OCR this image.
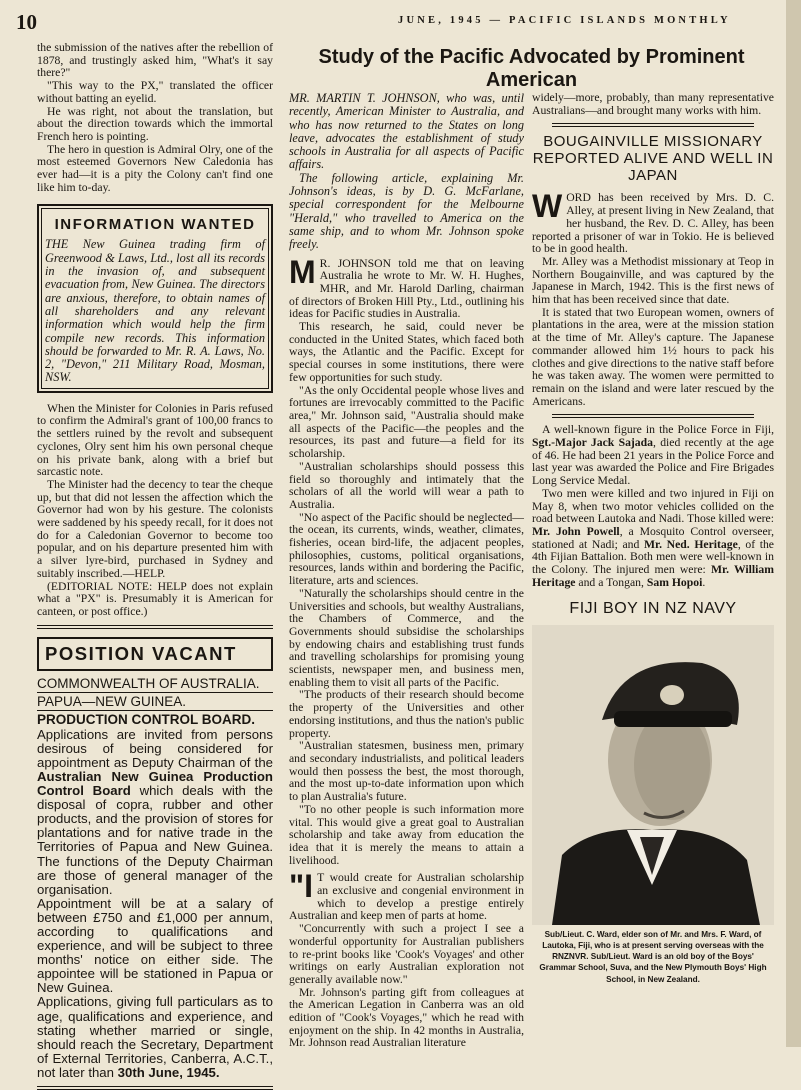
10	JUNE, 1945 — PACIFIC ISLANDS MONTHLY

the submission of the natives after the rebellion of 1878, and trustingly asked him, "What's it say there?"

"This way to the PX," translated the officer without batting an eyelid.

He was right, not about the translation, but about the direction towards which the immortal French hero is pointing.

The hero in question is Admiral Olry, one of the most esteemed Governors New Caledonia has ever had—it is a pity the Colony can't find one like him to-day.

INFORMATION WANTED

THE New Guinea trading firm of Greenwood & Laws, Ltd., lost all its records in the invasion of, and subsequent evacuation from, New Guinea. The directors are anxious, therefore, to obtain names of all shareholders and any relevant information which would help the firm compile new records. This information should be forwarded to Mr. R. A. Laws, No. 2, "Devon," 211 Military Road, Mosman, NSW.

When the Minister for Colonies in Paris refused to confirm the Admiral's grant of 100,00 francs to the settlers ruined by the revolt and subsequent cyclones, Olry sent him his own personal cheque on his private bank, along with a brief but sarcastic note.

The Minister had the decency to tear the cheque up, but that did not lessen the affection which the Governor had won by his gesture. The colonists were saddened by his speedy recall, for it does not do for a Caledonian Governor to become too popular, and on his departure presented him with a silver lyre-bird, purchased in Sydney and suitably inscribed.—HELP.

(EDITORIAL NOTE: HELP does not explain what a "PX" is. Presumably it is American for canteen, or post office.)

POSITION VACANT
COMMONWEALTH OF AUSTRALIA.
PAPUA—NEW GUINEA.
PRODUCTION CONTROL BOARD.

Applications are invited from persons desirous of being considered for appointment as Deputy Chairman of the Australian New Guinea Production Control Board which deals with the disposal of copra, rubber and other products, and the provision of stores for plantations and for native trade in the Territories of Papua and New Guinea. The functions of the Deputy Chairman are those of general manager of the organisation.

Appointment will be at a salary of between £750 and £1,000 per annum, according to qualifications and experience, and will be subject to three months' notice on either side. The appointee will be stationed in Papua or New Guinea.

Applications, giving full particulars as to age, qualifications and experience, and stating whether married or single, should reach the Secretary, Department of External Territories, Canberra, A.C.T., not later than 30th June, 1945.

Study of the Pacific Advocated by Prominent American

MR. MARTIN T. JOHNSON, who was, until recently, American Minister to Australia, and who has now returned to the States on long leave, advocates the establishment of study schools in Australia for all aspects of Pacific affairs.

The following article, explaining Mr. Johnson's ideas, is by D. G. McFarlane, special correspondent for the Melbourne "Herald," who travelled to America on the same ship, and to whom Mr. Johnson spoke freely.

M R. JOHNSON told me that on leaving Australia he wrote to Mr. W. H. Hughes, MHR, and Mr. Harold Darling, chairman of directors of Broken Hill Pty., Ltd., outlining his ideas for Pacific studies in Australia.

This research, he said, could never be conducted in the United States, which faced both ways, the Atlantic and the Pacific. Except for special courses in some institutions, there were few opportunities for such study.

"As the only Occidental people whose lives and fortunes are irrevocably committed to the Pacific area," Mr. Johnson said, "Australia should make all aspects of the Pacific—the peoples and the resources, its past and future—a field for its scholarship.

"Australian scholarships should possess this field so thoroughly and intimately that the scholars of all the world will wear a path to Australia.

"No aspect of the Pacific should be neglected—the ocean, its currents, winds, weather, climates, fisheries, ocean bird-life, the adjacent peoples, philosophies, customs, political organisations, resources, lands within and bordering the Pacific, literature, arts and sciences.

"Naturally the scholarships should centre in the Universities and schools, but wealthy Australians, the Chambers of Commerce, and the Governments should subsidise the scholarships by endowing chairs and establishing trust funds and travelling scholarships for promising young scientists, newspaper men, and business men, enabling them to visit all parts of the Pacific.

"The products of their research should become the property of the Universities and other endorsing institutions, and thus the nation's public property.

"Australian statesmen, business men, primary and secondary industrialists, and political leaders would then possess the best, the most thorough, and the most up-to-date information upon which to plan Australia's future.

"To no other people is such information more vital. This would give a great goal to Australian scholarship and take away from education the idea that it is merely the means to attain a livelihood.

"I T would create for Australian scholarship an exclusive and congenial environment in which to develop a prestige entirely Australian and keep men of parts at home.

"Concurrently with such a project I see a wonderful opportunity for Australian publishers to re-print books like 'Cook's Voyages' and other writings on early Australian exploration not generally available now."

Mr. Johnson's parting gift from colleagues at the American Legation in Canberra was an old edition of "Cook's Voyages," which he read with enjoyment on the ship. In 42 months in Australia, Mr. Johnson read Australian literature

widely—more, probably, than many representative Australians—and brought many works with him.

BOUGAINVILLE MISSIONARY REPORTED ALIVE AND WELL IN JAPAN

WORD has been received by Mrs. D. C. Alley, at present living in New Zealand, that her husband, the Rev. D. C. Alley, has been reported a prisoner of war in Tokio. He is believed to be in good health.

Mr. Alley was a Methodist missionary at Teop in Northern Bougainville, and was captured by the Japanese in March, 1942. This is the first news of him that has been received since that date.

It is stated that two European women, owners of plantations in the area, were at the mission station at the time of Mr. Alley's capture. The Japanese commander allowed him 1½ hours to pack his clothes and give directions to the native staff before he was taken away. The women were permitted to remain on the island and were later rescued by the Americans.

A well-known figure in the Police Force in Fiji, Sgt.-Major Jack Sajada, died recently at the age of 46. He had been 21 years in the Police Force and last year was awarded the Police and Fire Brigades Long Service Medal.

Two men were killed and two injured in Fiji on May 8, when two motor vehicles collided on the road between Lautoka and Nadi. Those killed were: Mr. John Powell, a Mosquito Control overseer, stationed at Nadi; and Mr. Ned. Heritage, of the 4th Fijian Battalion. Both men were well-known in the Colony. The injured men were: Mr. William Heritage and a Tongan, Sam Hopoi.

FIJI BOY IN NZ NAVY
Sub/Lieut. C. Ward, elder son of Mr. and Mrs. F. Ward, of Lautoka, Fiji, who is at present serving overseas with the RNZNVR. Sub/Lieut. Ward is an old boy of the Boys' Grammar School, Suva, and the New Plymouth Boys' High School, in New Zealand.
